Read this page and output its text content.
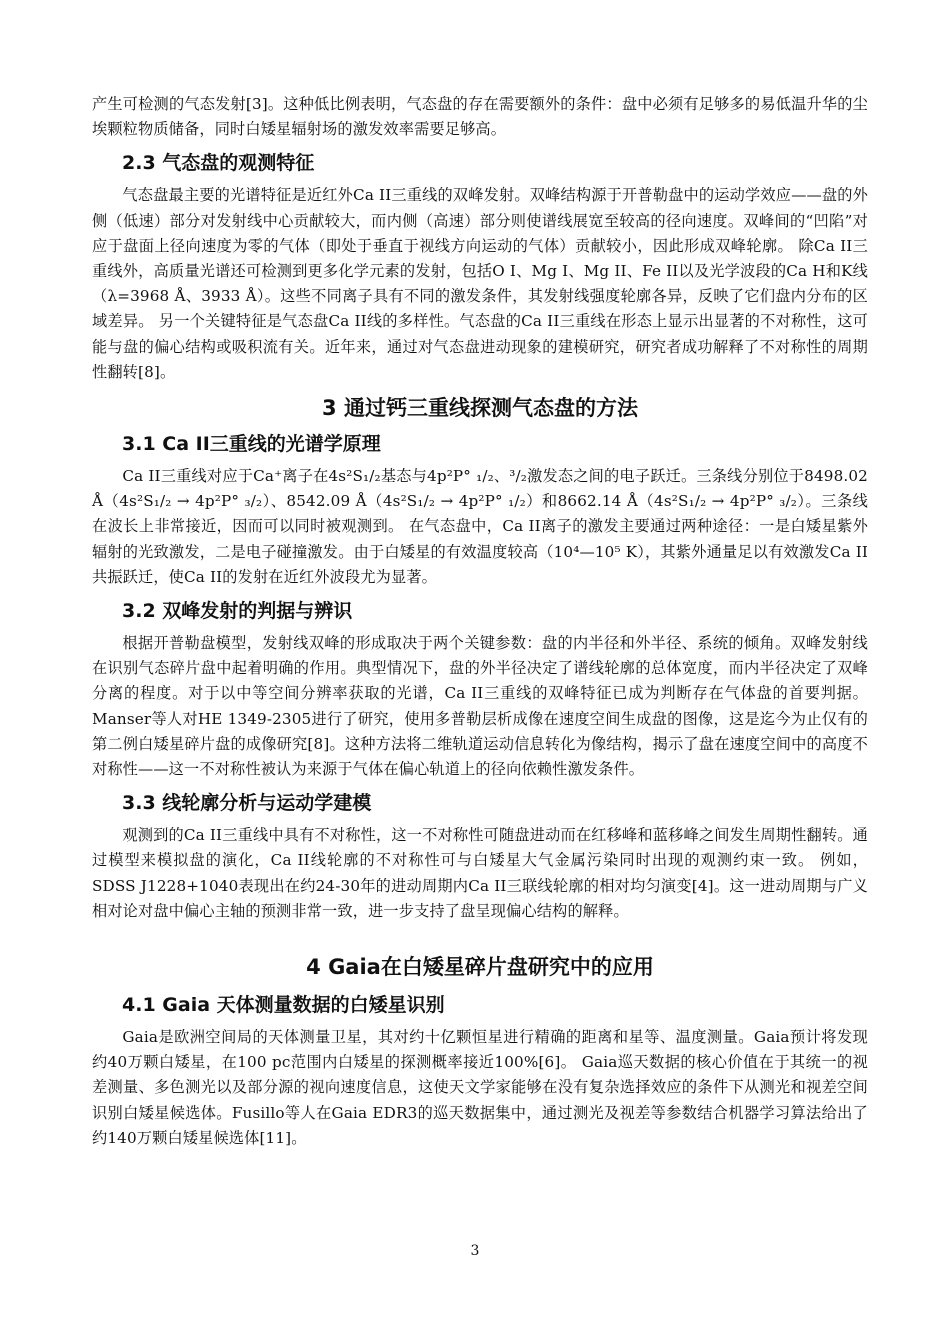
产生可检测的气态发射[3]。这种低比例表明，气态盘的存在需要额外的条件：盘中必须有足够多的易低温升华的尘埃颗粒物质储备，同时白矮星辐射场的激发效率需要足够高。

2.3 气态盘的观测特征

气态盘最主要的光谱特征是近红外Ca II三重线的双峰发射。双峰结构源于开普勒盘中的运动学效应——盘的外侧（低速）部分对发射线中心贡献较大，而内侧（高速）部分则使谱线展宽至较高的径向速度。双峰间的“凹陷”对应于盘面上径向速度为零的气体（即处于垂直于视线方向运动的气体）贡献较小，因此形成双峰轮廓。 除Ca II三重线外，高质量光谱还可检测到更多化学元素的发射，包括O I、Mg I、Mg II、Fe II以及光学波段的Ca H和K线（λ=3968 Å、3933 Å）。这些不同离子具有不同的激发条件，其发射线强度轮廓各异，反映了它们盘内分布的区域差异。 另一个关键特征是气态盘Ca II线的多样性。气态盘的Ca II三重线在形态上显示出显著的不对称性，这可能与盘的偏心结构或吸积流有关。近年来，通过对气态盘进动现象的建模研究，研究者成功解释了不对称性的周期性翻转[8]。

3 通过钙三重线探测气态盘的方法
3.1 Ca II三重线的光谱学原理

Ca II三重线对应于Ca⁺离子在4s²S₁/₂基态与4p²P° ₁/₂、³/₂激发态之间的电子跃迁。三条线分别位于8498.02 Å（4s²S₁/₂ → 4p²P° ₃/₂）、8542.09 Å（4s²S₁/₂ → 4p²P° ₁/₂）和8662.14 Å（4s²S₁/₂ → 4p²P° ₃/₂）。三条线在波长上非常接近，因而可以同时被观测到。 在气态盘中，Ca II离子的激发主要通过两种途径：一是白矮星紫外辐射的光致激发，二是电子碰撞激发。由于白矮星的有效温度较高（10⁴—10⁵ K），其紫外通量足以有效激发Ca II共振跃迁，使Ca II的发射在近红外波段尤为显著。

3.2 双峰发射的判据与辨识

根据开普勒盘模型，发射线双峰的形成取决于两个关键参数：盘的内半径和外半径、系统的倾角。双峰发射线在识别气态碎片盘中起着明确的作用。典型情况下，盘的外半径决定了谱线轮廓的总体宽度，而内半径决定了双峰分离的程度。对于以中等空间分辨率获取的光谱，Ca II三重线的双峰特征已成为判断存在气体盘的首要判据。 Manser等人对HE 1349-2305进行了研究，使用多普勒层析成像在速度空间生成盘的图像，这是迄今为止仅有的第二例白矮星碎片盘的成像研究[8]。这种方法将二维轨道运动信息转化为像结构，揭示了盘在速度空间中的高度不对称性——这一不对称性被认为来源于气体在偏心轨道上的径向依赖性激发条件。

3.3 线轮廓分析与运动学建模

观测到的Ca II三重线中具有不对称性，这一不对称性可随盘进动而在红移峰和蓝移峰之间发生周期性翻转。通过模型来模拟盘的演化，Ca II线轮廓的不对称性可与白矮星大气金属污染同时出现的观测约束一致。 例如，SDSS J1228+1040表现出在约24-30年的进动周期内Ca II三联线轮廓的相对均匀演变[4]。这一进动周期与广义相对论对盘中偏心主轴的预测非常一致，进一步支持了盘呈现偏心结构的解释。

4 Gaia在白矮星碎片盘研究中的应用
4.1 Gaia 天体测量数据的白矮星识别

Gaia是欧洲空间局的天体测量卫星，其对约十亿颗恒星进行精确的距离和星等、温度测量。Gaia预计将发现约40万颗白矮星，在100 pc范围内白矮星的探测概率接近100%[6]。 Gaia巡天数据的核心价值在于其统一的视差测量、多色测光以及部分源的视向速度信息，这使天文学家能够在没有复杂选择效应的条件下从测光和视差空间识别白矮星候选体。Fusillo等人在Gaia EDR3的巡天数据集中，通过测光及视差等参数结合机器学习算法给出了约140万颗白矮星候选体[11]。

3
